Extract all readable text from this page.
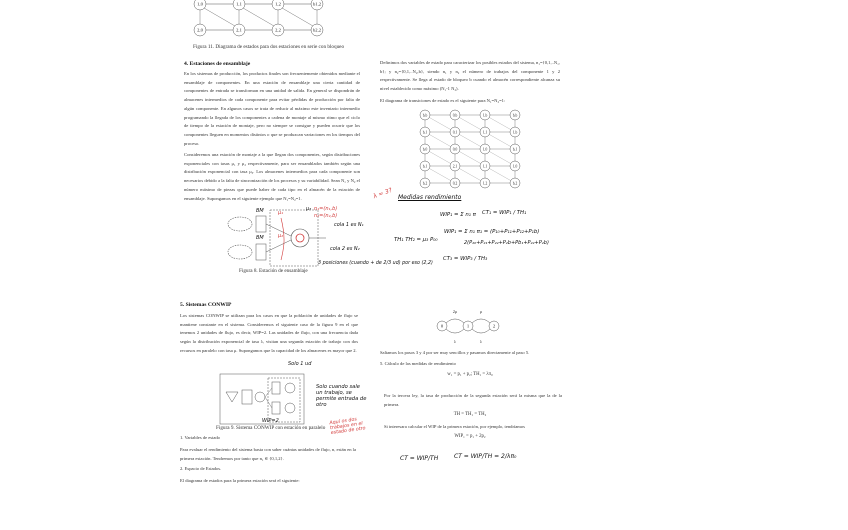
1,0	1,1	1,2	b1,2
2,0	2,1	2,2	b2,2
Figura 11. Diagrama de estados para dos estaciones en serie con bloqueo
4. Estaciones de ensamblaje
En los sistemas de producción, los productos finales son frecuentemente obtenidos mediante el ensamblaje de componentes. En una estación de ensamblaje una cierta cantidad de componentes de entrada se transforman en una unidad de salida. En general se dispondrán de almacenes intermedios de cada componente para evitar pérdidas de producción por falta de algún componente. En algunos casos se trata de reducir al máximo este inventario intermedio programando la llegada de los componentes a cadena de montaje al mismo ritmo que el ciclo de tiempo de la estación de montaje, pero no siempre se consigue y pueden ocurrir que los componentes lleguen en momentos distintos o que se produzcan variaciones en los tiempos del proceso.
Consideremos una estación de montaje a la que llegan dos componentes, según distribuciones exponenciales con tasas μ₁ y μ₂ respectivamente, para ser ensamblados también según una distribución exponencial con tasa μ₃. Los almacenes intermedios para cada componente son necesarios debido a la falta de sincronización de los procesos y su variabilidad. Sean N₁ y N₂ el número máximo de piezas que puede haber de cada tipo en el almacén de la estación de ensamblaje. Supongamos en el siguiente ejemplo que N₁=N₂=1.
BM
BM
μ₁
μ₂
μ₃ n₁=(n₁,b)
n₂=(n₂,b)
cola 1 es N₁
cola 2 es N₂
3 posiciones (cuando + de 2/3 ud) por eso (2,2)
Figura 8. Estación de ensamblaje
Definimos dos variables de estado para caracterizar los posibles estados del sistema, n₁={0,1,..N₁, b}; y n₂={0,1,..N₂,b}, siendo n₁ y n₂ el número de trabajos del componente 1 y 2 respectivamente. Se llega al estado de bloqueo b cuando el almacén correspondiente alcanza su nivel establecido como máximo (N₁-1 N₂).
El diagrama de transiciones de estado es el siguiente para N₁=N₂=1:
b,b	0,b	1,b	b,b
b,1	0,1	1,1	1,b
b,0	0,0	1,0	b,1
b,1	2,1	1,1	1,0
b,2	0,2	1,2	b,2
λ = 3? Medidas rendimiento
WIP₁ = Σ n₁ π CT₁ = WIP₁ / TH₁
WIP₁ = Σ n₁ π₁ = (P₁₀+P₁₁+P₁₂+P₁b)
2(P₂₀+P₂₁+P₂₂+P₂b+Pb₁+P₂₂+P₂b)
TH₁ TH₂ = μ₃ P₀₀
CT₃ = WIP₃ / TH₃
5. Sistemas CONWIP
Los sistemas CONWIP se utilizan para los casos en que la población de unidades de flujo se mantiene constante en el sistema. Consideremos el siguiente caso de la figura 9 en el que tenemos 2 unidades de flujo, es decir, WIP=2. Las unidades de flujo, con una frecuencia dada según la distribución exponencial de tasa λ, visitan una segunda estación de trabajo con dos recursos en paralelo con tasa μ. Supongamos que la capacidad de los almacenes es mayor que 2.
Solo 1 ud
Solo cuando sale un trabajo, se permite entrada de otro
WIP=2	Aquí os dos trabajos en el estado de otro
Figura 9. Sistema CONWIP con estación en paralelo
1. Variables de estado
Para evaluar el rendimiento del sistema basta con saber cuántas unidades de flujo, n, están en la primera estación. Tendremos por tanto que n₁ ∈ {0,1,2}.
2. Espacio de Estados.
El diagrama de estados para la primera estación será el siguiente:
2μ
λ
μ
λ
0	1	2
Saltamos los pasos 3 y 4 por ser muy sencillos y pasamos directamente al paso 5.
5. Cálculo de las medidas de rendimiento
w₁ = p₁ + p₂; TH₁ = λπ₀
Por la tercera ley, la tasa de producción de la segunda estación será la misma que la de la primera.
TH = TH₁ = TH₂
Si interesara calcular el WIP de la primera estación, por ejemplo, tendríamos
WIP₁ = p₁ + 2p₂
CT = WIP/TH	CT = WIP/TH = 2/λπ₀
